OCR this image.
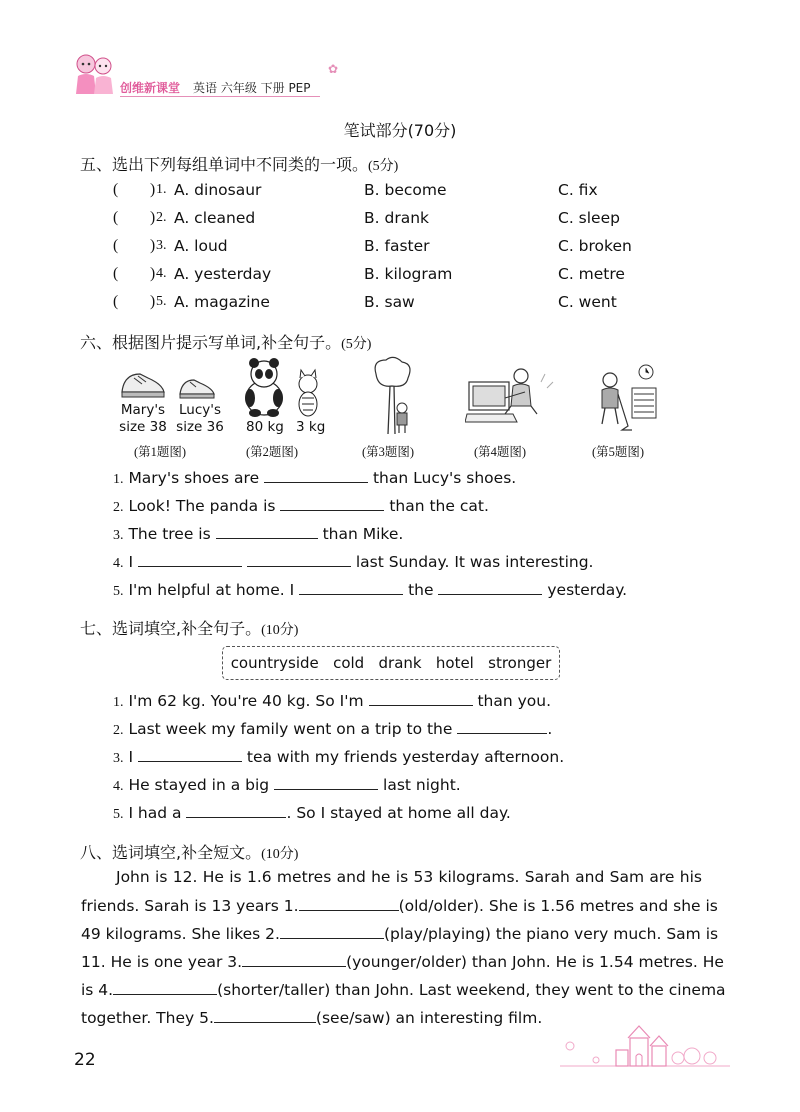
创维新课堂 英语 六年级 下册 PEP
✿
笔试部分(70分)
五、选出下列每组单词中不同类的一项。(5分)
( ) 1. A. dinosaur	B. become	C. fix
( ) 2. A. cleaned	B. drank	C. sleep
( ) 3. A. loud	B. faster	C. broken
( ) 4. A. yesterday	B. kilogram	C. metre
( ) 5. A. magazine	B. saw	C. went
六、根据图片提示写单词,补全句子。(5分)
Mary's
size 38
Lucy's
size 36	80 kg 3 kg
(第1题图)	(第2题图)	(第3题图)	(第4题图)	(第5题图)
1. Mary's shoes are	than Lucy's shoes.
2. Look! The panda is	than the cat.
3. The tree is	than Mike.
4. I	last Sunday. It was interesting.
5. I'm helpful at home. I	the	yesterday.
七、选词填空,补全句子。(10分)
countryside   cold   drank   hotel   stronger
1. I'm 62 kg. You're 40 kg. So I'm	than you.
2. Last week my family went on a trip to the	.
3. I	tea with my friends yesterday afternoon.
4. He stayed in a big	last night.
5. I had a	. So I stayed at home all day.
八、选词填空,补全短文。(10分)
John is 12. He is 1.6 metres and he is 53 kilograms. Sarah and Sam are his
friends. Sarah is 13 years 1.	(old/older). She is 1.56 metres and she is
49 kilograms. She likes 2.	(play/playing) the piano very much. Sam is
11. He is one year 3.	(younger/older) than John. He is 1.54 metres. He
is 4.	(shorter/taller) than John. Last weekend, they went to the cinema
together. They 5.	(see/saw) an interesting film.
22
